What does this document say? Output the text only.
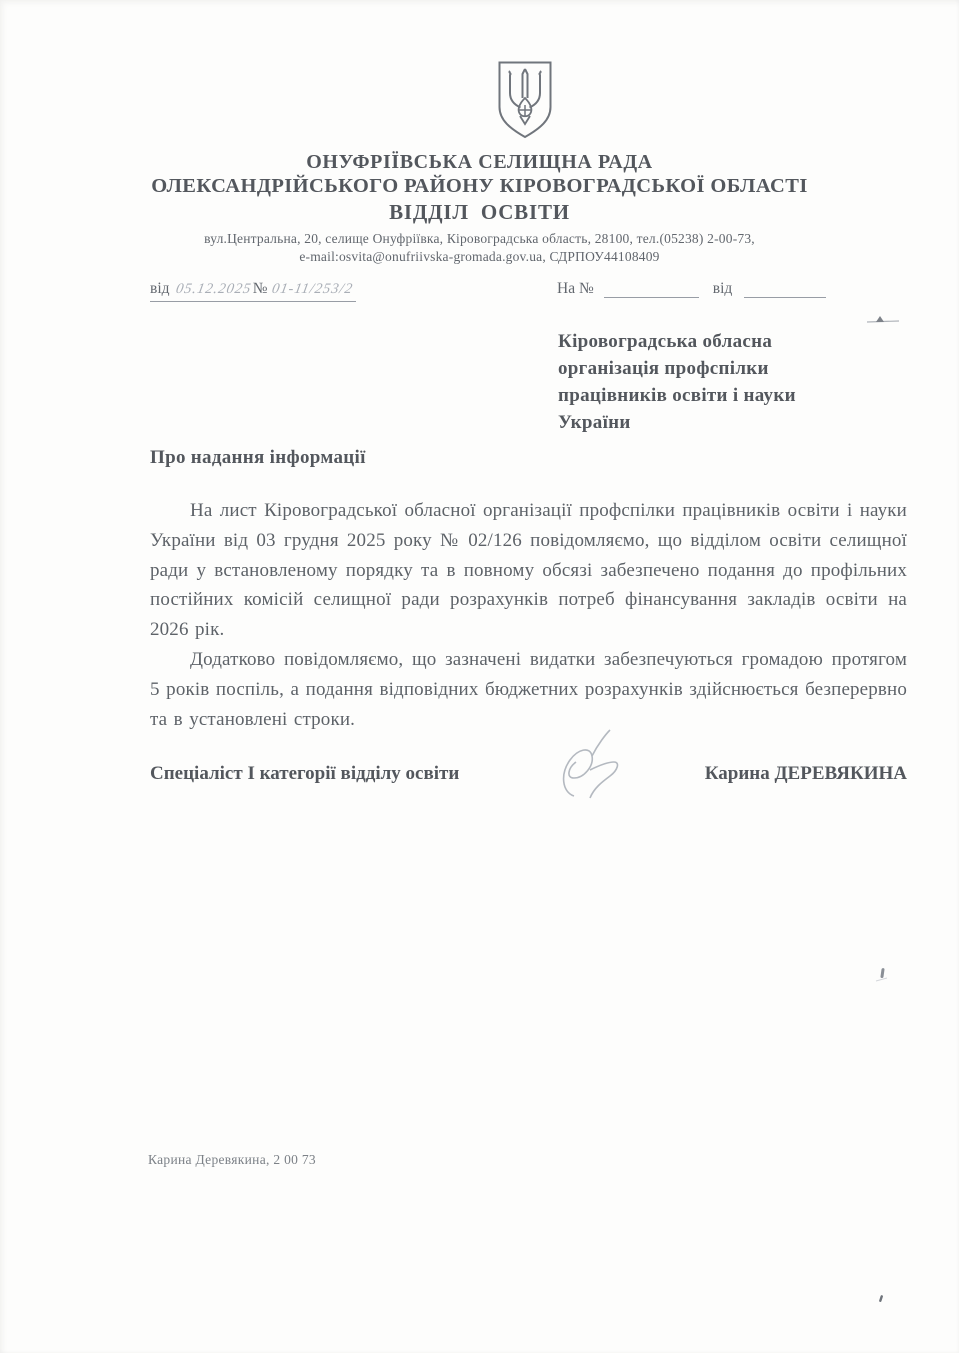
ОНУФРІЇВСЬКА СЕЛИЩНА РАДА
ОЛЕКСАНДРІЙСЬКОГО РАЙОНУ КІРОВОГРАДСЬКОЇ ОБЛАСТІ
ВІДДІЛ ОСВІТИ
вул.Центральна, 20, селище Онуфріївка, Кіровоградська область, 28100, тел.(05238) 2-00-73,
e-mail:osvita@onufriivska-gromada.gov.ua, СДРПОУ44108409
від 05.12.2025№ 01-11/253/2	На №	від
Кіровоградська обласна
організація профспілки
працівників освіти і науки
України
Про надання інформації

На лист Кіровоградської обласної організації профспілки працівників освіти і науки України від 03 грудня 2025 року № 02/126 повідомляємо, що відділом освіти селищної ради у встановленому порядку та в повному обсязі забезпечено подання до профільних постійних комісій селищної ради розрахунків потреб фінансування закладів освіти на 2026 рік.

Додатково повідомляємо, що зазначені видатки забезпечуються громадою протягом 5 років поспіль, а подання відповідних бюджетних розрахунків здійснюється безперервно та в установлені строки.

Спеціаліст І категорії відділу освіти	Карина ДЕРЕВЯКИНА
Карина Деревякина, 2 00 73
